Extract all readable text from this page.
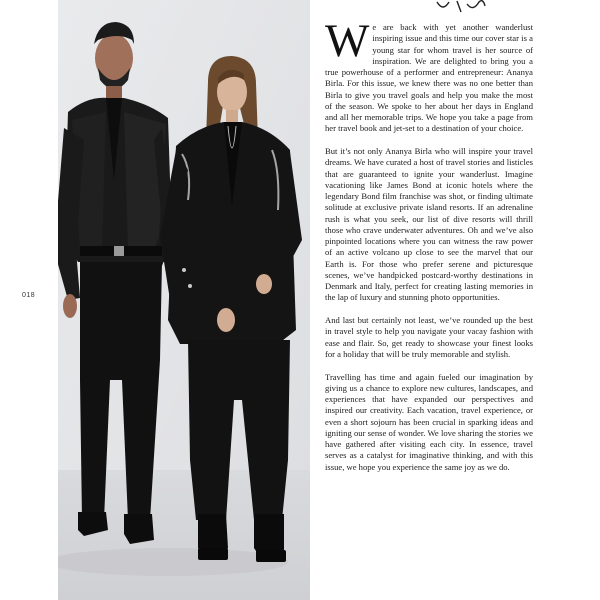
018

We are back with yet another wanderlust inspiring issue and this time our cover star is a young star for whom travel is her source of inspiration. We are delighted to bring you a true powerhouse of a performer and entrepreneur: Ananya Birla. For this issue, we knew there was no one better than Birla to give you travel goals and help you make the most of the season. We spoke to her about her days in England and all her memorable trips. We hope you take a page from her travel book and jet-set to a destination of your choice.

But it’s not only Ananya Birla who will inspire your travel dreams. We have curated a host of travel stories and listicles that are guaranteed to ignite your wanderlust. Imagine vacationing like James Bond at iconic hotels where the legendary Bond film franchise was shot, or finding ultimate solitude at exclusive private island resorts. If an adrenaline rush is what you seek, our list of dive resorts will thrill those who crave underwater adventures. Oh and we’ve also pinpointed locations where you can witness the raw power of an active volcano up close to see the marvel that our Earth is. For those who prefer serene and picturesque scenes, we’ve handpicked postcard-worthy destinations in Denmark and Italy, perfect for creating lasting memories in the lap of luxury and stunning photo opportunities.

And last but certainly not least, we’ve rounded up the best in travel style to help you navigate your vacay fashion with ease and flair. So, get ready to showcase your finest looks for a holiday that will be truly memorable and stylish.

Travelling has time and again fueled our imagination by giving us a chance to explore new cultures, landscapes, and experiences that have expanded our perspectives and inspired our creativity. Each vacation, travel experience, or even a short sojourn has been crucial in sparking ideas and igniting our sense of wonder. We love sharing the stories we have gathered after visiting each city. In essence, travel serves as a catalyst for imaginative thinking, and with this issue, we hope you experience the same joy as we do.
